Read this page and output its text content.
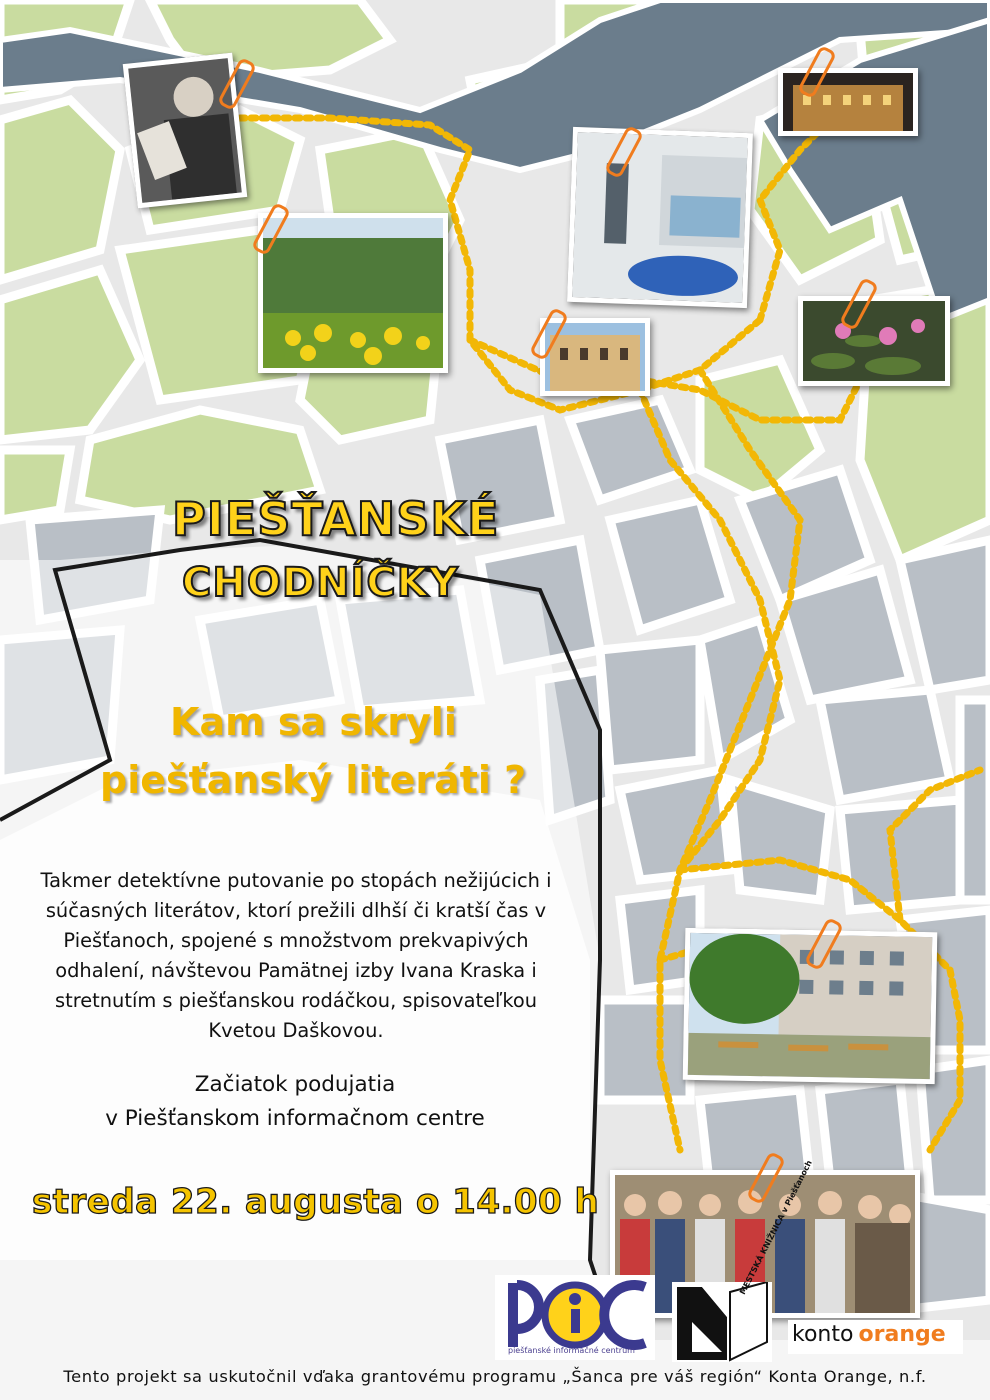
PIEŠŤANSKÉ
CHODNÍČKY
Kam sa skryli
piešťanský literáti ?
Takmer detektívne putovanie po stopách nežijúcich i
súčasných literátov, ktorí prežili dlhší či kratší čas v
Piešťanoch, spojené s množstvom prekvapivých
odhalení, návštevou Pamätnej izby Ivana Kraska i
stretnutím s piešťanskou rodáčkou, spisovateľkou
Kvetou Daškovou.
Začiatok podujatia
v Piešťanskom informačnom centre
streda 22. augusta o 14.00 h
piešťanské informačné centrum
MESTSKÁ
konto orange
Tento projekt sa uskutočnil vďaka grantovému programu „Šanca pre váš región“ Konta Orange, n.f.
